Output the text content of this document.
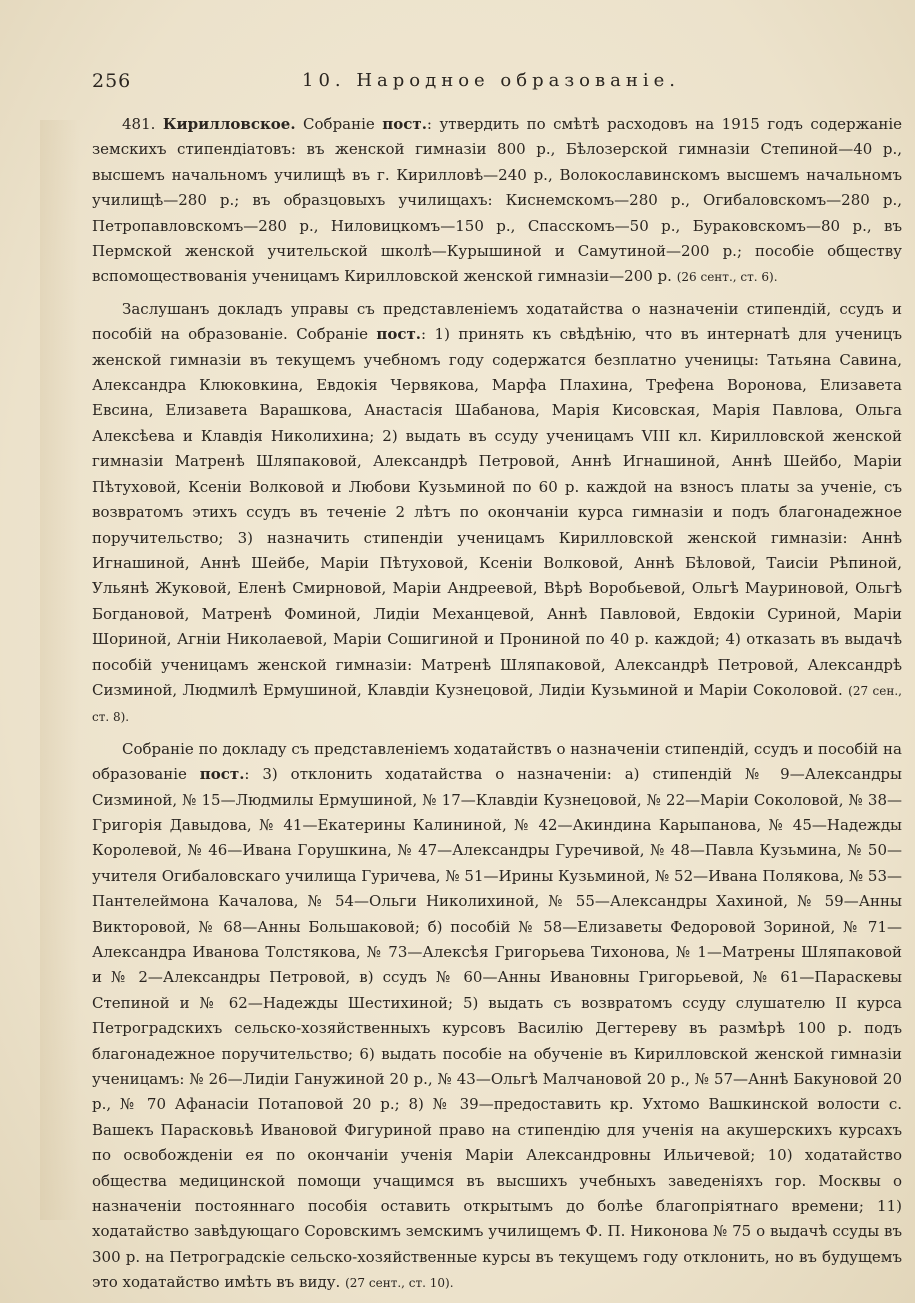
256	10. Народное образованіе.

481. Кирилловское. Собраніе пост.: утвердить по смѣтѣ расходовъ на 1915 годъ содержаніе земскихъ стипендіатовъ: въ женской гимназіи 800 р., Бѣлозерской гимназіи Степиной—40 р., высшемъ начальномъ училищѣ въ г. Кирилловѣ—240 р., Волокославинскомъ высшемъ начальномъ училищѣ—280 р.; въ образцовыхъ училищахъ: Киснемскомъ—280 р., Огибаловскомъ—280 р., Петропавловскомъ—280 р., Ниловицкомъ—150 р., Спасскомъ—50 р., Бураковскомъ—80 р., въ Пермской женской учительской школѣ—Курышиной и Самутиной—200 р.; пособіе обществу вспомоществованія ученицамъ Кирилловской женской гимназіи—200 р. (26 сент., ст. 6).

Заслушанъ докладъ управы съ представленіемъ ходатайства о назначеніи стипендій, ссудъ и пособій на образованіе. Собраніе пост.: 1) принять къ свѣдѣнію, что въ интернатѣ для ученицъ женской гимназіи въ текущемъ учебномъ году содержатся безплатно ученицы: Татьяна Савина, Александра Клюковкина, Евдокія Червякова, Марфа Плахина, Трефена Воронова, Елизавета Евсина, Елизавета Варашкова, Анастасія Шабанова, Марія Кисовская, Марія Павлова, Ольга Алексѣева и Клавдія Николихина; 2) выдать въ ссуду ученицамъ VIII кл. Кирилловской женской гимназіи Матренѣ Шляпаковой, Александрѣ Петровой, Аннѣ Игнашиной, Аннѣ Шейбо, Маріи Пѣтуховой, Ксеніи Волковой и Любови Кузьминой по 60 р. каждой на взносъ платы за ученіе, съ возвратомъ этихъ ссудъ въ теченіе 2 лѣтъ по окончаніи курса гимназіи и подъ благонадежное поручительство; 3) назначить стипендіи ученицамъ Кирилловской женской гимназіи: Аннѣ Игнашиной, Аннѣ Шейбе, Маріи Пѣтуховой, Ксеніи Волковой, Аннѣ Бѣловой, Таисіи Рѣпиной, Ульянѣ Жуковой, Еленѣ Смирновой, Маріи Андреевой, Вѣрѣ Воробьевой, Ольгѣ Мауриновой, Ольгѣ Богдановой, Матренѣ Фоминой, Лидіи Механцевой, Аннѣ Павловой, Евдокіи Суриной, Маріи Шориной, Агніи Николаевой, Маріи Сошигиной и Прониной по 40 р. каждой; 4) отказать въ выдачѣ пособій ученицамъ женской гимназіи: Матренѣ Шляпаковой, Александрѣ Петровой, Александрѣ Сизминой, Людмилѣ Ермушиной, Клавдіи Кузнецовой, Лидіи Кузьминой и Маріи Соколовой. (27 сен., ст. 8).

Собраніе по докладу съ представленіемъ ходатайствъ о назначеніи стипендій, ссудъ и пособій на образованіе пост.: 3) отклонить ходатайства о назначеніи: а) стипендій № 9—Александры Сизминой, № 15—Людмилы Ермушиной, № 17—Клавдіи Кузнецовой, № 22—Маріи Соколовой, № 38—Григорія Давыдова, № 41—Екатерины Калининой, № 42—Акиндина Карыпанова, № 45—Надежды Королевой, № 46—Ивана Горушкина, № 47—Александры Гуречивой, № 48—Павла Кузьмина, № 50—учителя Огибаловскаго училища Гуричева, № 51—Ирины Кузьминой, № 52—Ивана Полякова, № 53—Пантелеймона Качалова, № 54—Ольги Николихиной, № 55—Александры Хахиной, № 59—Анны Викторовой, № 68—Анны Большаковой; б) пособій № 58—Елизаветы Федоровой Зориной, № 71—Александра Иванова Толстякова, № 73—Алексѣя Григорьева Тихонова, № 1—Матрены Шляпаковой и № 2—Александры Петровой, в) ссудъ № 60—Анны Ивановны Григорьевой, № 61—Параскевы Степиной и № 62—Надежды Шестихиной; 5) выдать съ возвратомъ ссуду слушателю II курса Петроградскихъ сельско-хозяйственныхъ курсовъ Василію Дегтереву въ размѣрѣ 100 р. подъ благонадежное поручительство; 6) выдать пособіе на обученіе въ Кирилловской женской гимназіи ученицамъ: № 26—Лидіи Ганужиной 20 р., № 43—Ольгѣ Малчановой 20 р., № 57—Аннѣ Бакуновой 20 р., № 70 Афанасіи Потаповой 20 р.; 8) № 39—предоставить кр. Ухтомо Вашкинской волости с. Вашекъ Парасковьѣ Ивановой Фигуриной право на стипендію для ученія на акушерскихъ курсахъ по освобожденіи ея по окончаніи ученія Маріи Александровны Ильичевой; 10) ходатайство общества медицинской помощи учащимся въ высшихъ учебныхъ заведеніяхъ гор. Москвы о назначеніи постояннаго пособія оставить открытымъ до болѣе благопріятнаго времени; 11) ходатайство завѣдующаго Соровскимъ земскимъ училищемъ Ф. П. Никонова № 75 о выдачѣ ссуды въ 300 р. на Петроградскіе сельско-хозяйственные курсы въ текущемъ году отклонить, но въ будущемъ это ходатайство имѣть въ виду. (27 сент., ст. 10).
